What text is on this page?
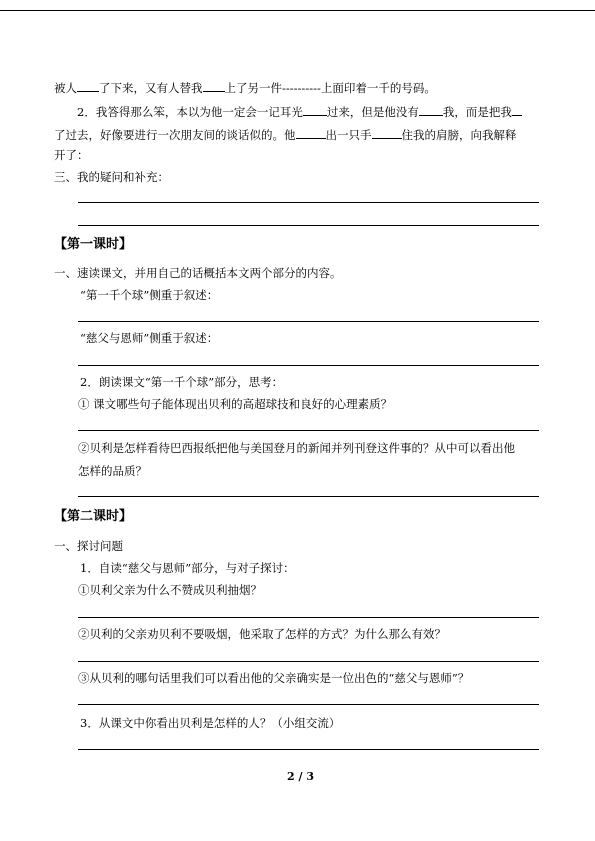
被人 了下来，又有人替我 上了另一件----------上面印着一千的号码。
2．我答得那么笨，本以为他一定会一记耳光 过来，但是他没有 我，而是把我
了过去，好像要进行一次朋友间的谈话似的。他	出一只手	住我的肩膀，向我解释
开了：
三、我的疑问和补充：
【第一课时】
一、速读课文，并用自己的话概括本文两个部分的内容。
“第一千个球”侧重于叙述：
“慈父与恩师”侧重于叙述：
2．朗读课文“第一千个球”部分，思考：
① 课文哪些句子能体现出贝利的高超球技和良好的心理素质？
②贝利是怎样看待巴西报纸把他与美国登月的新闻并列刊登这件事的？从中可以看出他
怎样的品质？
【第二课时】
一、探讨问题
1．自读“慈父与恩师”部分，与对子探讨：
①贝利父亲为什么不赞成贝利抽烟？
②贝利的父亲劝贝利不要吸烟，他采取了怎样的方式？为什么那么有效？
③从贝利的哪句话里我们可以看出他的父亲确实是一位出色的“慈父与恩师”？
3．从课文中你看出贝利是怎样的人？（小组交流）
2 / 3
